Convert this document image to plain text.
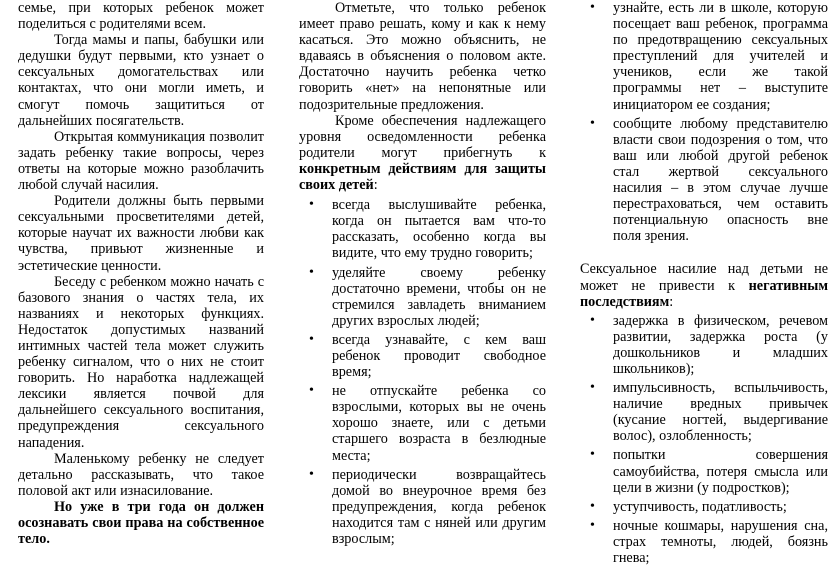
семье, при которых ребенок может поделиться с родителями всем.

Тогда мамы и папы, бабушки или дедушки будут первыми, кто узнает о сексуальных домогательствах или контактах, что они могли иметь, и смогут помочь защититься от дальнейших посягательств.

Открытая коммуникация позволит задать ребенку такие вопросы, через ответы на которые можно разоблачить любой случай насилия.

Родители должны быть первыми сексуальными просветителями детей, которые научат их важности любви как чувства, привьют жизненные и эстетические ценности.

Беседу с ребенком можно начать с базового знания о частях тела, их названиях и некоторых функциях. Недостаток допустимых названий интимных частей тела может служить ребенку сигналом, что о них не стоит говорить. Но наработка надлежащей лексики является почвой для дальнейшего сексуального воспитания, предупреждения сексуального нападения.

Маленькому ребенку не следует детально рассказывать, что такое половой акт или изнасилование.

Но уже в три года он должен осознавать свои права на собственное тело.

Отметьте, что только ребенок имеет право решать, кому и как к нему касаться. Это можно объяснить, не вдаваясь в объяснения о половом акте. Достаточно научить ребенка четко говорить «нет» на непонятные или подозрительные предложения.

Кроме обеспечения надлежащего уровня осведомленности ребенка родители могут прибегнуть к конкретным действиям для защиты своих детей:

• всегда выслушивайте ребенка, когда он пытается вам что-то рассказать, особенно когда вы видите, что ему трудно говорить;
• уделяйте своему ребенку достаточно времени, чтобы он не стремился завладеть вниманием других взрослых людей;
• всегда узнавайте, с кем ваш ребенок проводит свободное время;
• не отпускайте ребенка со взрослыми, которых вы не очень хорошо знаете, или с детьми старшего возраста в безлюдные места;
• периодически возвращайтесь домой во внеурочное время без предупреждения, когда ребенок находится там с няней или другим взрослым;
• узнайте, есть ли в школе, которую посещает ваш ребенок, программа по предотвращению сексуальных преступлений для учителей и учеников, если же такой программы нет – выступите инициатором ее создания;
• сообщите любому представителю власти свои подозрения о том, что ваш или любой другой ребенок стал жертвой сексуального насилия – в этом случае лучше перестраховаться, чем оставить потенциальную опасность вне поля зрения.

Сексуальное насилие над детьми не может не привести к негативным последствиям:

• задержка в физическом, речевом развитии, задержка роста (у дошкольников и младших школьников);
• импульсивность, вспыльчивость, наличие вредных привычек (кусание ногтей, выдергивание волос), озлобленность;
• попытки совершения самоубийства, потеря смысла или цели в жизни (у подростков);
• уступчивость, податливость;
• ночные кошмары, нарушения сна, страх темноты, людей, боязнь гнева;
